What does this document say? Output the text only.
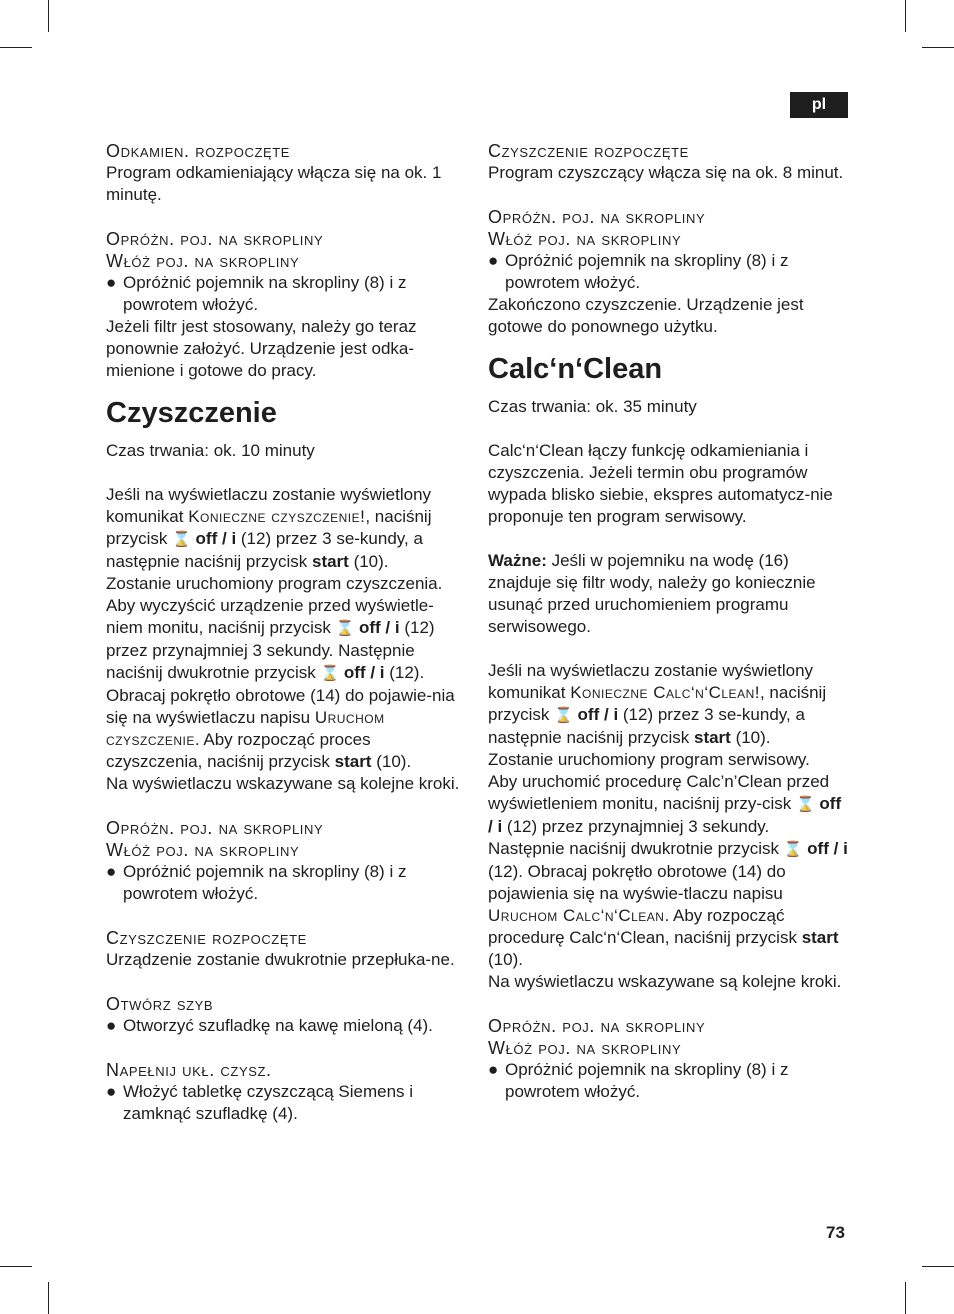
pl

Odkamien. rozpoczęte

Program odkamieniający włącza się na ok. 1 minutę.

Opróżn. poj. na skropliny

Włóż poj. na skropliny

● Opróżnić pojemnik na skropliny (8) i z powrotem włożyć.

Jeżeli filtr jest stosowany, należy go teraz ponownie założyć. Urządzenie jest odka-mienione i gotowe do pracy.

Czyszczenie

Czas trwania: ok. 10 minuty

Jeśli na wyświetlaczu zostanie wyświetlony komunikat Konieczne czyszczenie!, naciśnij przycisk ⌛ off / i (12) przez 3 se-kundy, a następnie naciśnij przycisk start (10).

Zostanie uruchomiony program czyszczenia.

Aby wyczyścić urządzenie przed wyświetle-niem monitu, naciśnij przycisk ⌛ off / i (12) przez przynajmniej 3 sekundy. Następnie naciśnij dwukrotnie przycisk ⌛ off / i (12). Obracaj pokrętło obrotowe (14) do pojawie-nia się na wyświetlaczu napisu Uruchom czyszczenie. Aby rozpocząć proces czyszczenia, naciśnij przycisk start (10).

Na wyświetlaczu wskazywane są kolejne kroki.

Opróżn. poj. na skropliny

Włóż poj. na skropliny

● Opróżnić pojemnik na skropliny (8) i z powrotem włożyć.

Czyszczenie rozpoczęte

Urządzenie zostanie dwukrotnie przepłuka-ne.

Otwórz szyb

● Otworzyć szufladkę na kawę mieloną (4).

Napełnij ukł. czysz.

● Włożyć tabletkę czyszczącą Siemens i zamknąć szufladkę (4).

Czyszczenie rozpoczęte

Program czyszczący włącza się na ok. 8 minut.

Opróżn. poj. na skropliny

Włóż poj. na skropliny

● Opróżnić pojemnik na skropliny (8) i z powrotem włożyć.

Zakończono czyszczenie. Urządzenie jest gotowe do ponownego użytku.

Calc‘n‘Clean

Czas trwania: ok. 35 minuty

Calc‘n‘Clean łączy funkcję odkamieniania i czyszczenia. Jeżeli termin obu programów wypada blisko siebie, ekspres automatycz-nie proponuje ten program serwisowy.

Ważne: Jeśli w pojemniku na wodę (16) znajduje się filtr wody, należy go koniecznie usunąć przed uruchomieniem programu serwisowego.

Jeśli na wyświetlaczu zostanie wyświetlony komunikat Konieczne Calc‘n‘Clean!, naciśnij przycisk ⌛ off / i (12) przez 3 se-kundy, a następnie naciśnij przycisk start (10).

Zostanie uruchomiony program serwisowy.

Aby uruchomić procedurę Calc’n’Clean przed wyświetleniem monitu, naciśnij przy-cisk ⌛ off / i (12) przez przynajmniej 3 sekundy. Następnie naciśnij dwukrotnie przycisk ⌛ off / i (12). Obracaj pokrętło obrotowe (14) do pojawienia się na wyświe-tlaczu napisu Uruchom Calc‘n‘Clean. Aby rozpocząć procedurę Calc‘n‘Clean, naciśnij przycisk start (10).

Na wyświetlaczu wskazywane są kolejne kroki.

Opróżn. poj. na skropliny

Włóż poj. na skropliny

● Opróżnić pojemnik na skropliny (8) i z powrotem włożyć.
73
